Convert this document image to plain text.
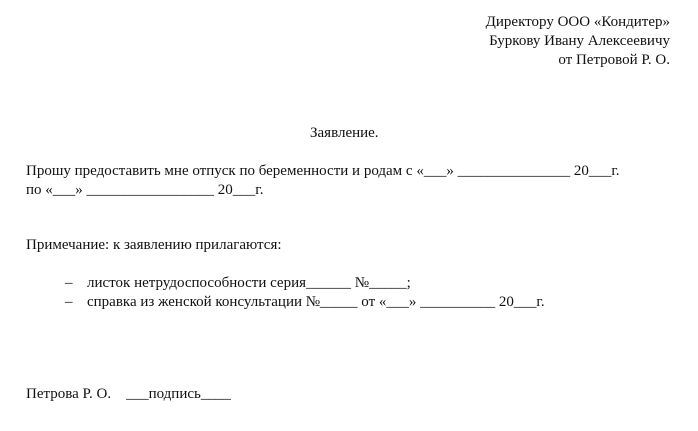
Директору ООО «Кондитер»
Буркову Ивану Алексеевичу
от Петровой Р. О.
Заявление.
Прошу предоставить мне отпуск по беременности и родам с «___» _______________ 20___г.
по «___» _________________ 20___г.
Примечание: к заявлению прилагаются:

– листок нетрудоспособности серия______ №_____;

– справка из женской консультации №_____ от «___» __________ 20___г.

Петрова Р. О.    ___подпись____
